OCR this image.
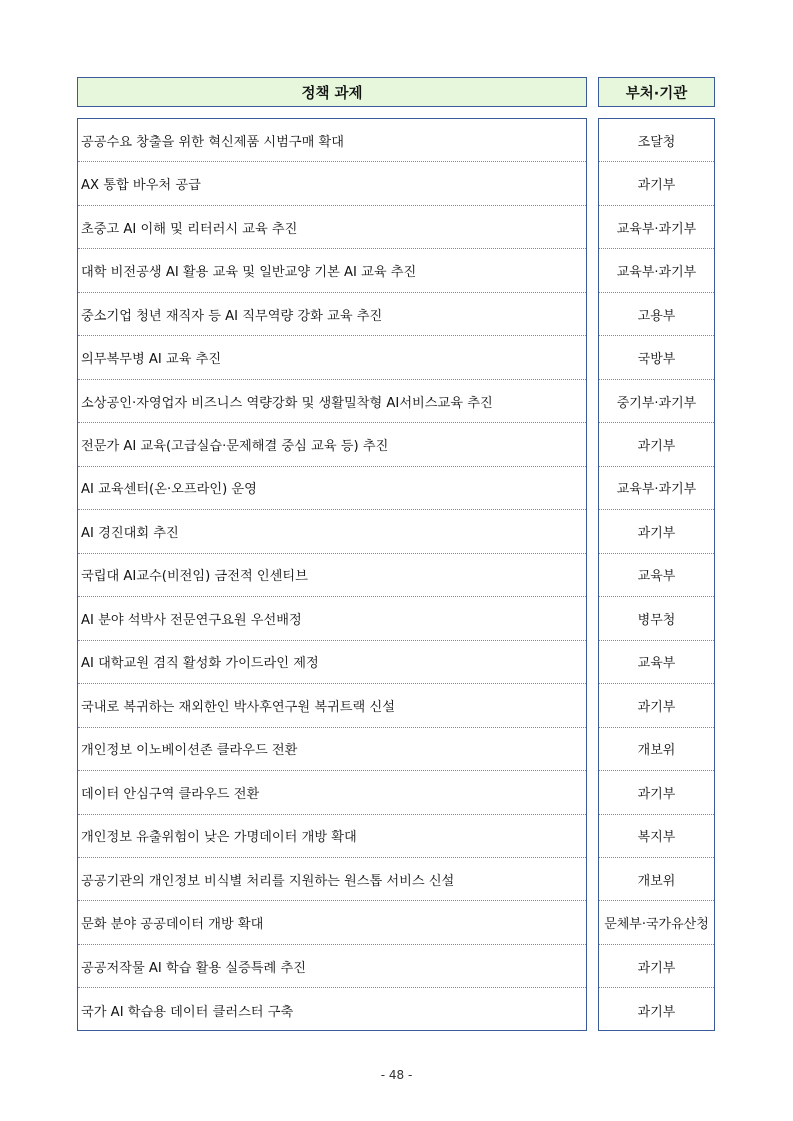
정책 과제	부처·기관
공공수요 창출을 위한 혁신제품 시범구매 확대
AX 통합 바우처 공급
초중고 AI 이해 및 리터러시 교육 추진
대학 비전공생 AI 활용 교육 및 일반교양 기본 AI 교육 추진
중소기업 청년 재직자 등 AI 직무역량 강화 교육 추진
의무복무병 AI 교육 추진
소상공인·자영업자 비즈니스 역량강화 및 생활밀착형 AI서비스교육 추진
전문가 AI 교육(고급실습·문제해결 중심 교육 등) 추진
AI 교육센터(온·오프라인) 운영
AI 경진대회 추진
국립대 AI교수(비전임) 금전적 인센티브
AI 분야 석박사 전문연구요원 우선배정
AI 대학교원 겸직 활성화 가이드라인 제정
국내로 복귀하는 재외한인 박사후연구원 복귀트랙 신설
개인정보 이노베이션존 클라우드 전환
데이터 안심구역 클라우드 전환
개인정보 유출위험이 낮은 가명데이터 개방 확대
공공기관의 개인정보 비식별 처리를 지원하는 원스톱 서비스 신설
문화 분야 공공데이터 개방 확대
공공저작물 AI 학습 활용 실증특례 추진
국가 AI 학습용 데이터 클러스터 구축
조달청
과기부
교육부·과기부
교육부·과기부
고용부
국방부
중기부·과기부
과기부
교육부·과기부
과기부
교육부
병무청
교육부
과기부
개보위
과기부
복지부
개보위
문체부·국가유산청
과기부
과기부
- 48 -
